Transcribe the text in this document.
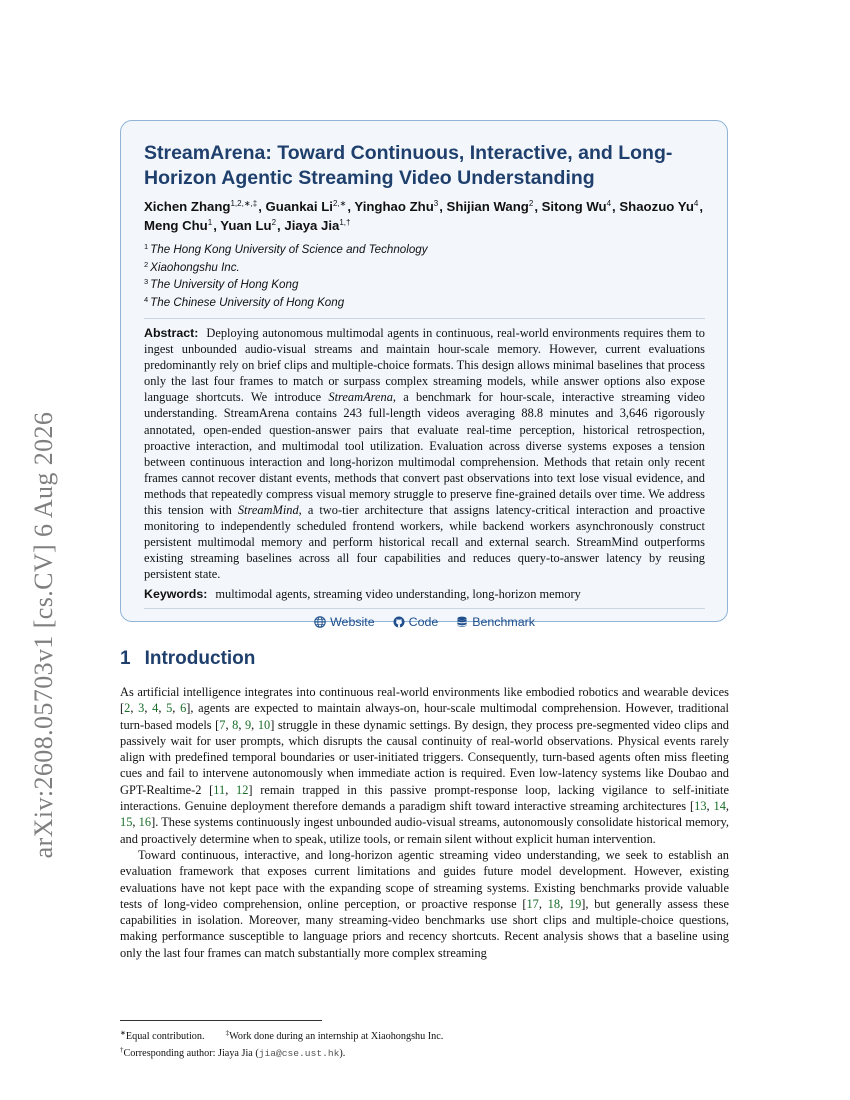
arXiv:2608.05703v1 [cs.CV] 6 Aug 2026
StreamArena: Toward Continuous, Interactive, and Long-Horizon Agentic Streaming Video Understanding
Xichen Zhang$^{1,2,∗,\ddagger}$, Guankai $Li^{2,∗}$, Yinghao Zhu$^3$, Shijian Wang$^2$, Sitong Wu$^4$, Shaozuo Yu$^4$, Meng Chu$^1$, Yuan Lu$^2$, Jiaya Jia$^{1,\dagger}$
$^1$ The Hong Kong University of Science and Technology
$^2$ Xiaohongshu Inc.
$^3$ The University of Hong Kong
$^4$ The Chinese University of Hong Kong

Abstract: Deploying autonomous multimodal agents in continuous, real-world environments requires them to ingest unbounded audio-visual streams and maintain hour-scale memory. However, current evaluations predominantly rely on brief clips and multiple-choice formats. This design allows minimal baselines that process only the last four frames to match or surpass complex streaming models, while answer options also expose language shortcuts. We introduce StreamArena, a benchmark for hour-scale, interactive streaming video understanding. StreamArena contains 243 full-length videos averaging 88.8 minutes and 3,646 rigorously annotated, open-ended question-answer pairs that evaluate real-time perception, historical retrospection, proactive interaction, and multimodal tool utilization. Evaluation across diverse systems exposes a tension between continuous interaction and long-horizon multimodal comprehension. Methods that retain only recent frames cannot recover distant events, methods that convert past observations into text lose visual evidence, and methods that repeatedly compress visual memory struggle to preserve fine-grained details over time. We address this tension with StreamMind, a two-tier architecture that assigns latency-critical interaction and proactive monitoring to independently scheduled frontend workers, while backend workers asynchronously construct persistent multimodal memory and perform historical recall and external search. StreamMind outperforms existing streaming baselines across all four capabilities and reduces query-to-answer latency by reusing persistent state.

Keywords: multimodal agents, streaming video understanding, long-horizon memory
Website	Code	Benchmark
1 Introduction

As artificial intelligence integrates into continuous real-world environments like embodied robotics and wearable devices [2, 3, 4, 5, 6], agents are expected to maintain always-on, hour-scale multimodal comprehension. However, traditional turn-based models [7, 8, 9, 10] struggle in these dynamic settings. By design, they process pre-segmented video clips and passively wait for user prompts, which disrupts the causal continuity of real-world observations. Physical events rarely align with predefined temporal boundaries or user-initiated triggers. Consequently, turn-based agents often miss fleeting cues and fail to intervene autonomously when immediate action is required. Even low-latency systems like Doubao and GPT-Realtime-2 [11, 12] remain trapped in this passive prompt-response loop, lacking vigilance to self-initiate interactions. Genuine deployment therefore demands a paradigm shift toward interactive streaming architectures [13, 14, 15, 16]. These systems continuously ingest unbounded audio-visual streams, autonomously consolidate historical memory, and proactively determine when to speak, utilize tools, or remain silent without explicit human intervention.

Toward continuous, interactive, and long-horizon agentic streaming video understanding, we seek to establish an evaluation framework that exposes current limitations and guides future model development. However, existing evaluations have not kept pace with the expanding scope of streaming systems. Existing benchmarks provide valuable tests of long-video comprehension, online perception, or proactive response [17, 18, 19], but generally assess these capabilities in isolation. Moreover, many streaming-video benchmarks use short clips and multiple-choice questions, making performance susceptible to language priors and recency shortcuts. Recent analysis shows that a baseline using only the last four frames can match substantially more complex streaming

∗Equal contribution.	‡Work done during an internship at Xiaohongshu Inc.
†Corresponding author: Jiaya Jia (jia@cse.ust.hk).
